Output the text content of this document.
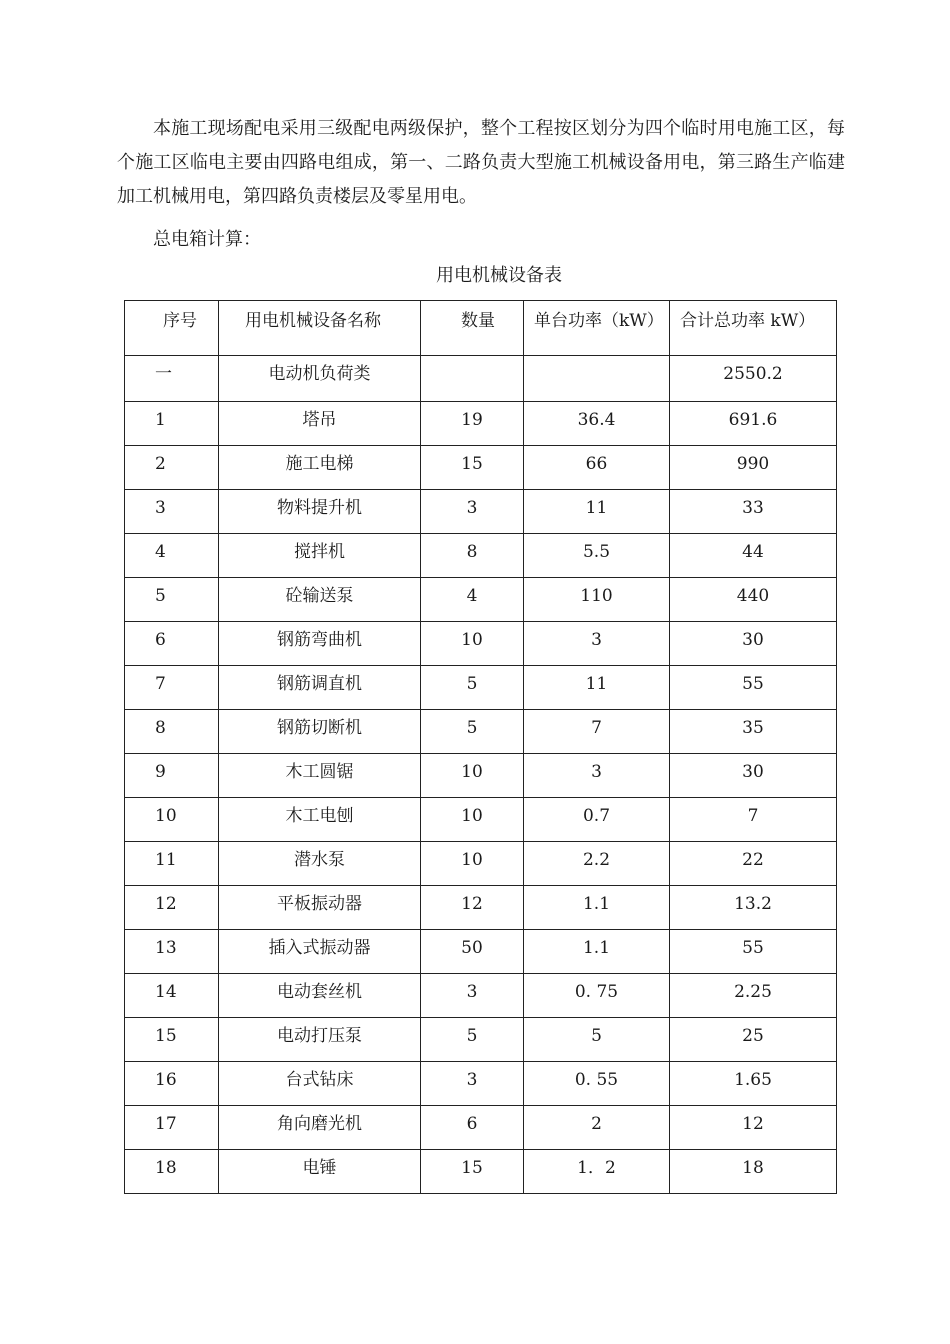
本施工现场配电采用三级配电两级保护，整个工程按区划分为四个临时用电施工区，每个施工区临电主要由四路电组成，第一、二路负责大型施工机械设备用电，第三路生产临建加工机械用电，第四路负责楼层及零星用电。

总电箱计算：

用电机械设备表

序号	用电机械设备名称	数量	单台功率（kW）	合计总功率 kW）
一	电动机负荷类			2550.2
1	塔吊	19	36.4	691.6
2	施工电梯	15	66	990
3	物料提升机	3	11	33
4	搅拌机	8	5.5	44
5	砼输送泵	4	110	440
6	钢筋弯曲机	10	3	30
7	钢筋调直机	5	11	55
8	钢筋切断机	5	7	35
9	木工圆锯	10	3	30
10	木工电刨	10	0.7	7
11	潜水泵	10	2.2	22
12	平板振动器	12	1.1	13.2
13	插入式振动器	50	1.1	55
14	电动套丝机	3	0. 75	2.25
15	电动打压泵	5	5	25
16	台式钻床	3	0. 55	1.65
17	角向磨光机	6	2	12
18	电锤	15	1．2	18
